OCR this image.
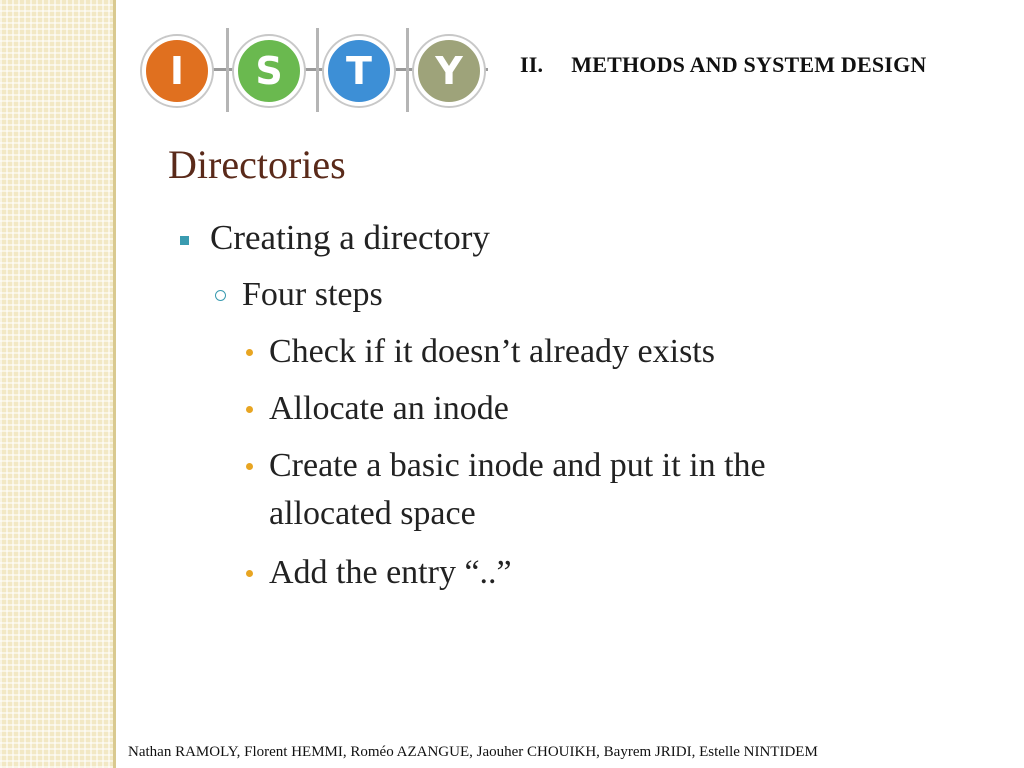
I S T Y	II. METHODS AND SYSTEM DESIGN
Directories
Creating a directory
Four steps
Check if it doesn’t already exists
Allocate an inode
Create a basic inode and put it in the
allocated space
Add the entry “..”
Nathan RAMOLY, Florent HEMMI, Roméo AZANGUE, Jaouher CHOUIKH, Bayrem JRIDI, Estelle NINTIDEM
